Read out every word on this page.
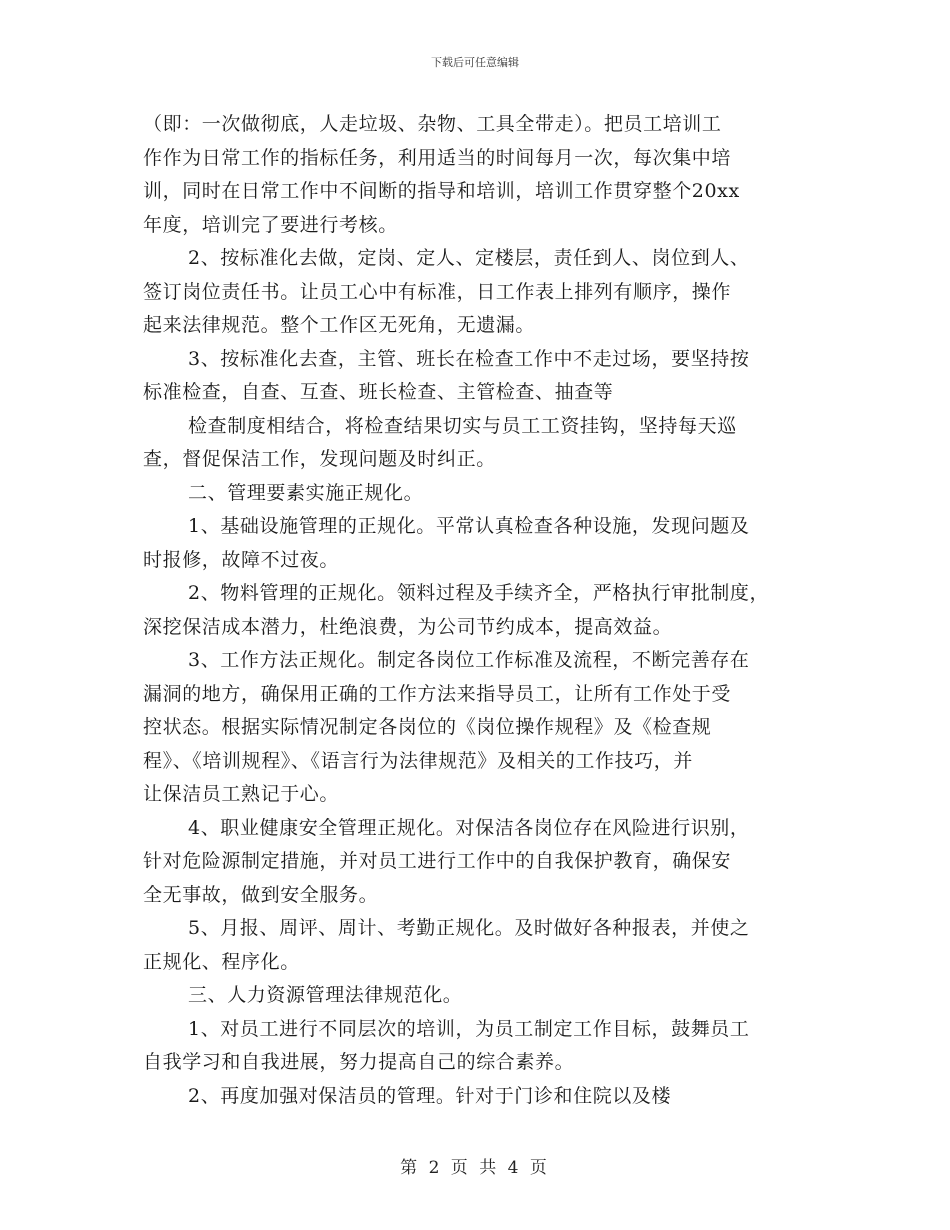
下载后可任意编辑
（即：一次做彻底，人走垃圾、杂物、工具全带走）。把员工培训工
作作为日常工作的指标任务，利用适当的时间每月一次，每次集中培
训，同时在日常工作中不间断的指导和培训，培训工作贯穿整个20xx
年度，培训完了要进行考核。
2、按标准化去做，定岗、定人、定楼层，责任到人、岗位到人、
签订岗位责任书。让员工心中有标准，日工作表上排列有顺序，操作
起来法律规范。整个工作区无死角，无遗漏。
3、按标准化去查，主管、班长在检查工作中不走过场，要坚持按
标准检查，自查、互查、班长检查、主管检查、抽查等
检查制度相结合，将检查结果切实与员工工资挂钩，坚持每天巡
查，督促保洁工作，发现问题及时纠正。
二、管理要素实施正规化。
1、基础设施管理的正规化。平常认真检查各种设施，发现问题及
时报修，故障不过夜。
2、物料管理的正规化。领料过程及手续齐全，严格执行审批制度，
深挖保洁成本潜力，杜绝浪费，为公司节约成本，提高效益。
3、工作方法正规化。制定各岗位工作标准及流程，不断完善存在
漏洞的地方，确保用正确的工作方法来指导员工，让所有工作处于受
控状态。根据实际情况制定各岗位的《岗位操作规程》及《检查规
程》、《培训规程》、《语言行为法律规范》及相关的工作技巧，并
让保洁员工熟记于心。
4、职业健康安全管理正规化。对保洁各岗位存在风险进行识别，
针对危险源制定措施，并对员工进行工作中的自我保护教育，确保安
全无事故，做到安全服务。
5、月报、周评、周计、考勤正规化。及时做好各种报表，并使之
正规化、程序化。
三、人力资源管理法律规范化。
1、对员工进行不同层次的培训，为员工制定工作目标，鼓舞员工
自我学习和自我进展，努力提高自己的综合素养。
2、再度加强对保洁员的管理。针对于门诊和住院以及楼
第 2 页 共 4 页
